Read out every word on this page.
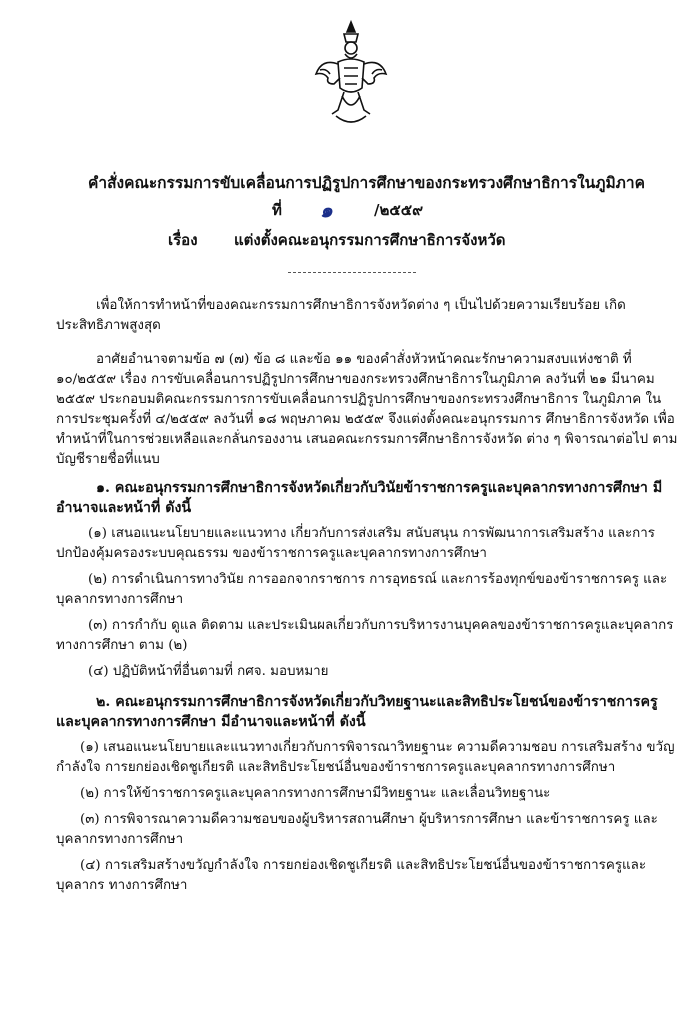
คำสั่งคณะกรรมการขับเคลื่อนการปฏิรูปการศึกษาของกระทรวงศึกษาธิการในภูมิภาค
ที่ ๑	/๒๕๕๙
เรื่อง แต่งตั้งคณะอนุกรรมการศึกษาธิการจังหวัด

เพื่อให้การทำหน้าที่ของคณะกรรมการศึกษาธิการจังหวัดต่าง ๆ เป็นไปด้วยความเรียบร้อย เกิดประสิทธิภาพสูงสุด

อาศัยอำนาจตามข้อ ๗ (๗) ข้อ ๘ และข้อ ๑๑ ของคำสั่งหัวหน้าคณะรักษาความสงบแห่งชาติ ที่ ๑๐/๒๕๕๙ เรื่อง การขับเคลื่อนการปฏิรูปการศึกษาของกระทรวงศึกษาธิการในภูมิภาค ลงวันที่ ๒๑ มีนาคม ๒๕๕๙ ประกอบมติคณะกรรมการการขับเคลื่อนการปฏิรูปการศึกษาของกระทรวงศึกษาธิการ ในภูมิภาค ในการประชุมครั้งที่ ๔/๒๕๕๙ ลงวันที่ ๑๘ พฤษภาคม ๒๕๕๙ จึงแต่งตั้งคณะอนุกรรมการ ศึกษาธิการจังหวัด เพื่อทำหน้าที่ในการช่วยเหลือและกลั่นกรองงาน เสนอคณะกรรมการศึกษาธิการจังหวัด ต่าง ๆ พิจารณาต่อไป ตามบัญชีรายชื่อที่แนบ

๑. คณะอนุกรรมการศึกษาธิการจังหวัดเกี่ยวกับวินัยข้าราชการครูและบุคลากรทางการศึกษา มีอำนาจและหน้าที่ ดังนี้

(๑) เสนอแนะนโยบายและแนวทาง เกี่ยวกับการส่งเสริม สนับสนุน การพัฒนาการเสริมสร้าง และการปกป้องคุ้มครองระบบคุณธรรม ของข้าราชการครูและบุคลากรทางการศึกษา

(๒) การดำเนินการทางวินัย การออกจากราชการ การอุทธรณ์ และการร้องทุกข์ของข้าราชการครู และบุคลากรทางการศึกษา

(๓) การกำกับ ดูแล ติดตาม และประเมินผลเกี่ยวกับการบริหารงานบุคคลของข้าราชการครูและบุคลากร ทางการศึกษา ตาม (๒)

(๔) ปฏิบัติหน้าที่อื่นตามที่ กศจ. มอบหมาย

๒. คณะอนุกรรมการศึกษาธิการจังหวัดเกี่ยวกับวิทยฐานะและสิทธิประโยชน์ของข้าราชการครู และบุคลากรทางการศึกษา มีอำนาจและหน้าที่ ดังนี้

(๑) เสนอแนะนโยบายและแนวทางเกี่ยวกับการพิจารณาวิทยฐานะ ความดีความชอบ การเสริมสร้าง ขวัญกำลังใจ การยกย่องเชิดชูเกียรติ และสิทธิประโยชน์อื่นของข้าราชการครูและบุคลากรทางการศึกษา

(๒) การให้ข้าราชการครูและบุคลากรทางการศึกษามีวิทยฐานะ และเลื่อนวิทยฐานะ

(๓) การพิจารณาความดีความชอบของผู้บริหารสถานศึกษา ผู้บริหารการศึกษา และข้าราชการครู และบุคลากรทางการศึกษา

(๔) การเสริมสร้างขวัญกำลังใจ การยกย่องเชิดชูเกียรติ และสิทธิประโยชน์อื่นของข้าราชการครูและบุคลากร ทางการศึกษา
